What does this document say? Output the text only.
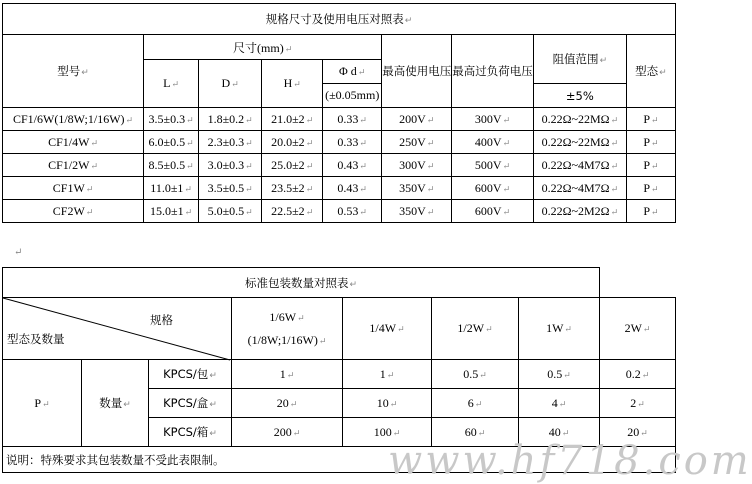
规格尺寸及使用电压对照表↵								
型号↵	尺寸(mm)↵				最高使用电压	最高过负荷电压	阻值范围↵	型态↵
	L↵	D↵	H↵	Φ d↵				
				(±0.05mm)			±5%	
CF1/6W(1/8W;1/16W)↵	3.5±0.3↵	1.8±0.2↵	21.0±2↵	0.33↵	200V↵	300V↵	0.22Ω~22MΩ↵	P↵
CF1/4W↵	6.0±0.5↵	2.3±0.3↵	20.0±2↵	0.33↵	250V↵	400V↵	0.22Ω~22MΩ↵	P↵
CF1/2W↵	8.5±0.5↵	3.0±0.3↵	25.0±2↵	0.43↵	300V↵	500V↵	0.22Ω~4M7Ω↵	P↵
CF1W↵	11.0±1↵	3.5±0.5↵	23.5±2↵	0.43↵	350V↵	600V↵	0.22Ω~4M7Ω↵	P↵
CF2W↵	15.0±1↵	5.0±0.5↵	22.5±2↵	0.53↵	350V↵	600V↵	0.22Ω~2M2Ω↵	P↵
↵
标准包装数量对照表↵							

规格
型态及数量			1/6W↵
(1/8W;1/16W)↵	1/4W↵	1/2W↵	1W↵	2W↵
P↵	数量↵	KPCS/包↵	1↵	1↵	0.5↵	0.5↵	0.2↵
		KPCS/盒↵	20↵	10↵	6↵	4↵	2↵
		KPCS/箱↵	200↵	100↵	60↵	40↵	20↵
说明：特殊要求其包装数量不受此表限制。								www.hf718.com
